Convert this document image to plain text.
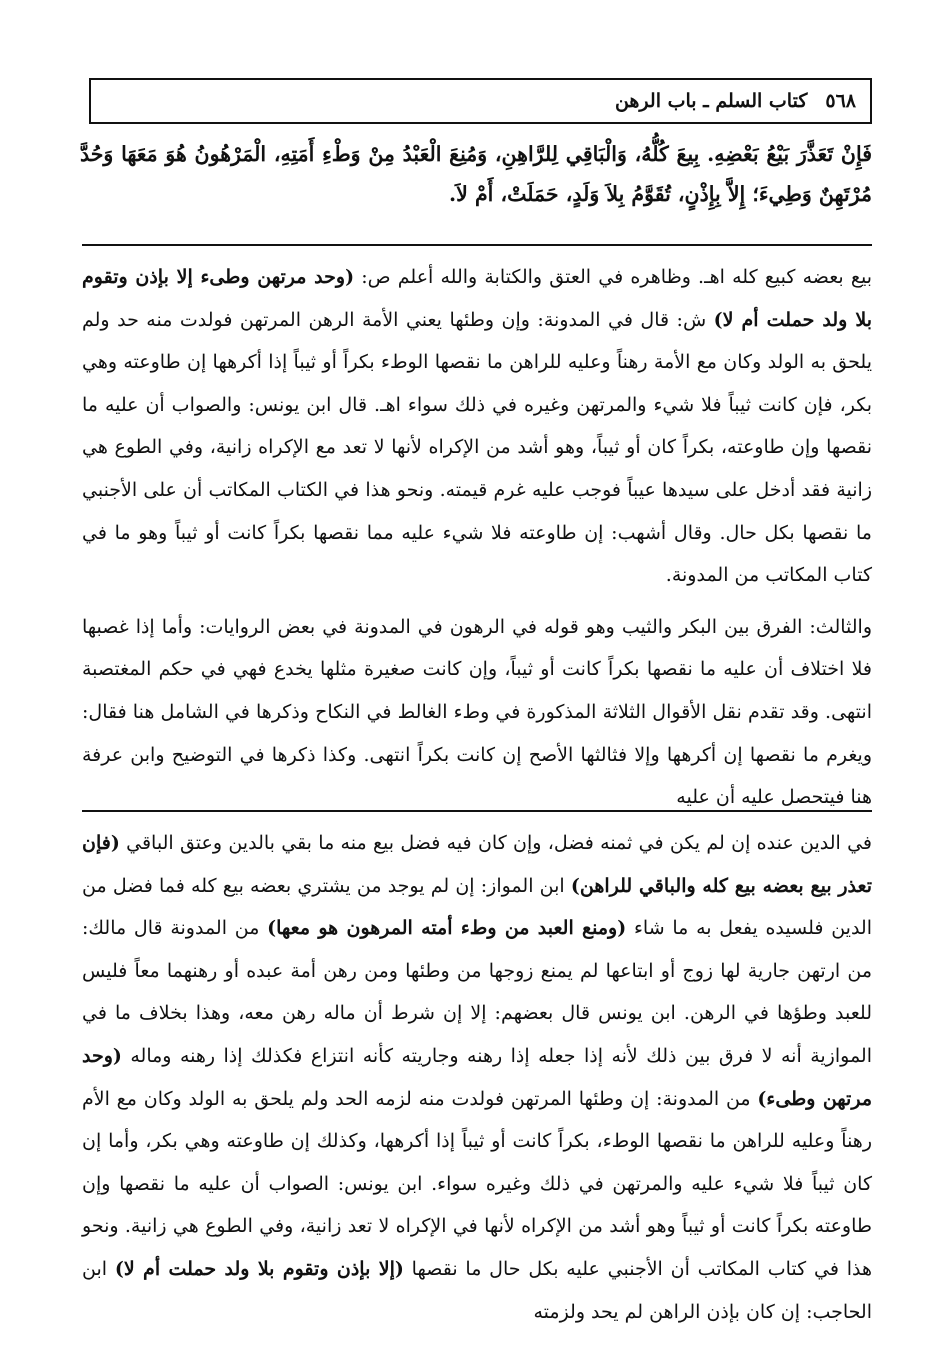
٥٦٨
كتاب السلم ـ باب الرهن
فَإِنْ تَعَذَّرَ بَيْعُ بَعْضِهِ. بِيعَ كُلُّهُ، وَالْبَاقِي لِلرَّاهِنِ، وَمُنِعَ الْعَبْدُ مِنْ وَطْءِ أَمَتِهِ، الْمَرْهُونُ هُوَ مَعَهَا وَحُدَّ مُرْتَهِنٌ وَطِيءَ؛ إِلاَّ بِإِذْنٍ، تُقَوَّمُ بِلاَ وَلَدٍ، حَمَلَتْ، أَمْ لاَ.

بيع بعضه كبيع كله اهـ. وظاهره في العتق والكتابة والله أعلم ص: (وحد مرتهن وطىء إلا بإذن وتقوم بلا ولد حملت أم لا) ش: قال في المدونة: وإن وطئها يعني الأمة الرهن المرتهن فولدت منه حد ولم يلحق به الولد وكان مع الأمة رهناً وعليه للراهن ما نقصها الوطء بكراً أو ثيباً إذا أكرهها إن طاوعته وهي بكر، فإن كانت ثيباً فلا شيء والمرتهن وغيره في ذلك سواء اهـ. قال ابن يونس: والصواب أن عليه ما نقصها وإن طاوعته، بكراً كان أو ثيباً، وهو أشد من الإكراه لأنها لا تعد مع الإكراه زانية، وفي الطوع هي زانية فقد أدخل على سيدها عيباً فوجب عليه غرم قيمته. ونحو هذا في الكتاب المكاتب أن على الأجنبي ما نقصها بكل حال. وقال أشهب: إن طاوعته فلا شيء عليه مما نقصها بكراً كانت أو ثيباً وهو ما في كتاب المكاتب من المدونة.

والثالث: الفرق بين البكر والثيب وهو قوله في الرهون في المدونة في بعض الروايات: وأما إذا غصبها فلا اختلاف أن عليه ما نقصها بكراً كانت أو ثيباً، وإن كانت صغيرة مثلها يخدع فهي في حكم المغتصبة انتهى. وقد تقدم نقل الأقوال الثلاثة المذكورة في وطء الغالط في النكاح وذكرها في الشامل هنا فقال: ويغرم ما نقصها إن أكرهها وإلا فثالثها الأصح إن كانت بكراً انتهى. وكذا ذكرها في التوضيح وابن عرفة هنا فيتحصل عليه أن عليه

في الدين عنده إن لم يكن في ثمنه فضل، وإن كان فيه فضل بيع منه ما بقي بالدين وعتق الباقي (فإن تعذر بيع بعضه بيع كله والباقي للراهن) ابن المواز: إن لم يوجد من يشتري بعضه بيع كله فما فضل من الدين فلسيده يفعل به ما شاء (ومنع العبد من وطء أمته المرهون هو معها) من المدونة قال مالك: من ارتهن جارية لها زوج أو ابتاعها لم يمنع زوجها من وطئها ومن رهن أمة عبده أو رهنهما معاً فليس للعبد وطؤها في الرهن. ابن يونس قال بعضهم: إلا إن شرط أن ماله رهن معه، وهذا بخلاف ما في الموازية أنه لا فرق بين ذلك لأنه إذا جعله إذا رهنه وجاريته كأنه انتزاع فكذلك إذا رهنه وماله (وحد مرتهن وطىء) من المدونة: إن وطئها المرتهن فولدت منه لزمه الحد ولم يلحق به الولد وكان مع الأم رهناً وعليه للراهن ما نقصها الوطء، بكراً كانت أو ثيباً إذا أكرهها، وكذلك إن طاوعته وهي بكر، وأما إن كان ثيباً فلا شيء عليه والمرتهن في ذلك وغيره سواء. ابن يونس: الصواب أن عليه ما نقصها وإن طاوعته بكراً كانت أو ثيباً وهو أشد من الإكراه لأنها في الإكراه لا تعد زانية، وفي الطوع هي زانية. ونحو هذا في كتاب المكاتب أن الأجنبي عليه بكل حال ما نقصها (إلا بإذن وتقوم بلا ولد حملت أم لا) ابن الحاجب: إن كان بإذن الراهن لم يحد ولزمته
